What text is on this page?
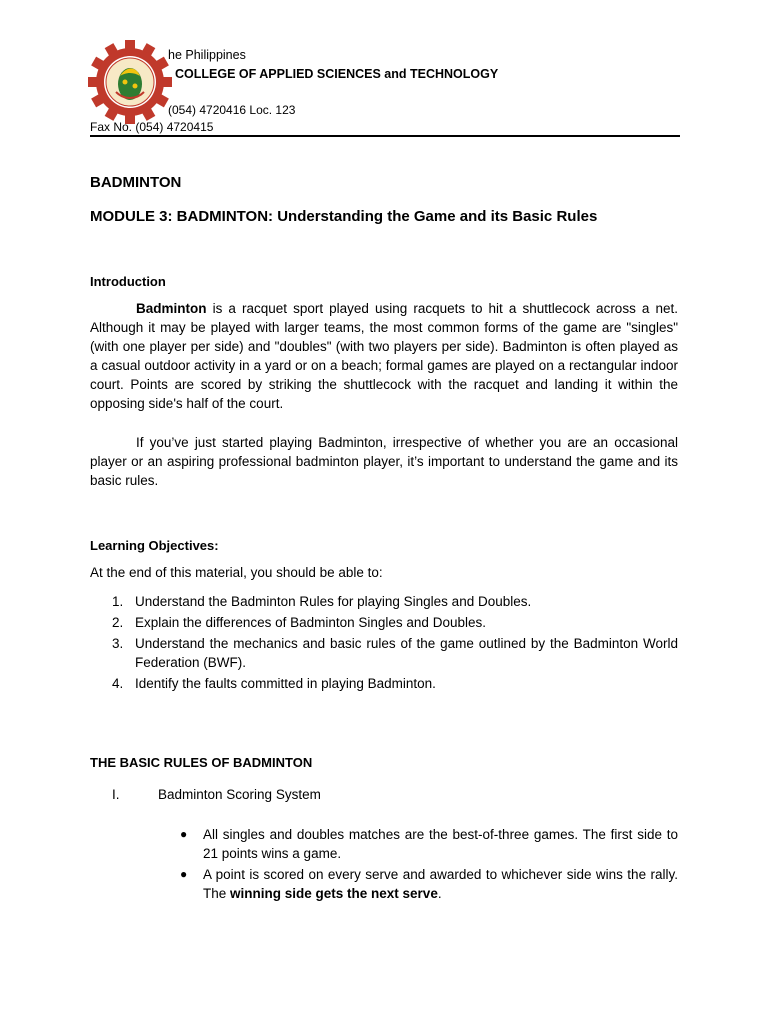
he Philippines
COLLEGE OF APPLIED SCIENCES and TECHNOLOGY
(054) 4720416 Loc. 123
Fax No. (054) 4720415
BADMINTON
MODULE 3: BADMINTON: Understanding the Game and its Basic Rules
Introduction

Badminton is a racquet sport played using racquets to hit a shuttlecock across a net. Although it may be played with larger teams, the most common forms of the game are "singles" (with one player per side) and "doubles" (with two players per side). Badminton is often played as a casual outdoor activity in a yard or on a beach; formal games are played on a rectangular indoor court. Points are scored by striking the shuttlecock with the racquet and landing it within the opposing side's half of the court.

If you’ve just started playing Badminton, irrespective of whether you are an occasional player or an aspiring professional badminton player, it’s important to understand the game and its basic rules.

Learning Objectives:

At the end of this material, you should be able to:

1. Understand the Badminton Rules for playing Singles and Doubles.
2. Explain the differences of Badminton Singles and Doubles.
3. Understand the mechanics and basic rules of the game outlined by the Badminton World Federation (BWF).
4. Identify the faults committed in playing Badminton.
THE BASIC RULES OF BADMINTON
I.	Badminton Scoring System
● All singles and doubles matches are the best-of-three games. The first side to 21 points wins a game.
● A point is scored on every serve and awarded to whichever side wins the rally. The winning side gets the next serve.
